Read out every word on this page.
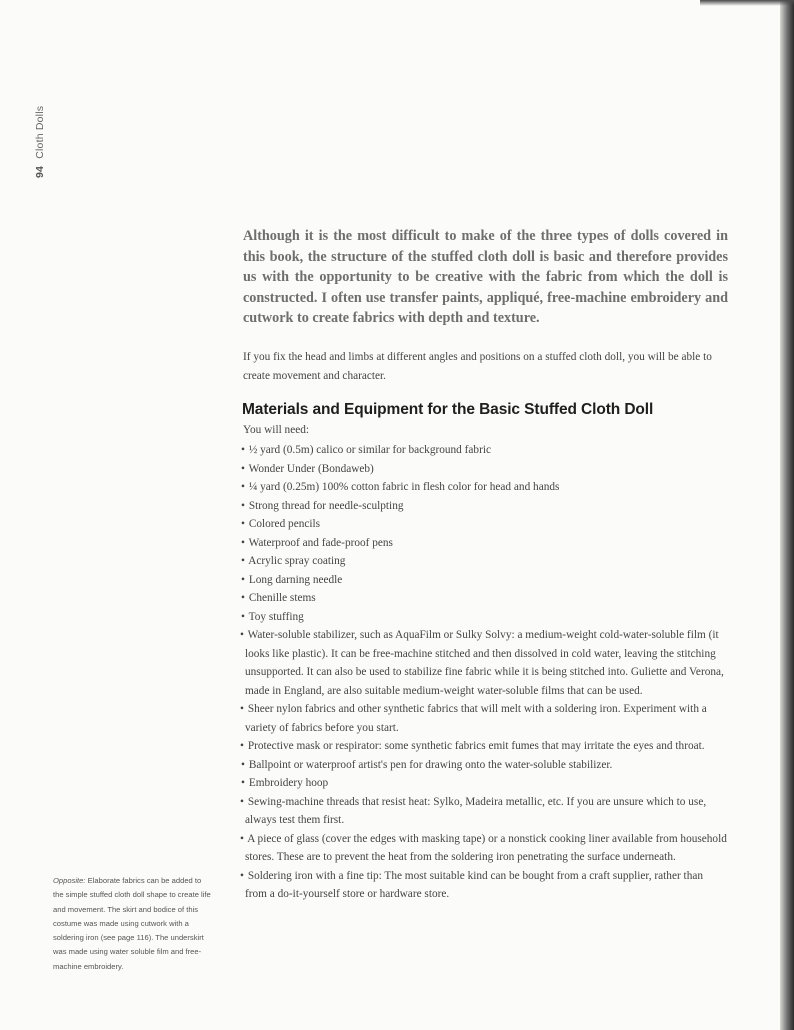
94 Cloth Dolls

Although it is the most difficult to make of the three types of dolls covered in this book, the structure of the stuffed cloth doll is basic and therefore provides us with the opportunity to be creative with the fabric from which the doll is constructed. I often use transfer paints, appliqué, free-machine embroidery and cutwork to create fabrics with depth and texture.

If you fix the head and limbs at different angles and positions on a stuffed cloth doll, you will be able to create movement and character.

Materials and Equipment for the Basic Stuffed Cloth Doll

You will need:

• ½ yard (0.5m) calico or similar for background fabric
• Wonder Under (Bondaweb)
• ¼ yard (0.25m) 100% cotton fabric in flesh color for head and hands
• Strong thread for needle-sculpting
• Colored pencils
• Waterproof and fade-proof pens
• Acrylic spray coating
• Long darning needle
• Chenille stems
• Toy stuffing
• Water-soluble stabilizer, such as AquaFilm or Sulky Solvy: a medium-weight cold-water-soluble film (it looks like plastic). It can be free-machine stitched and then dissolved in cold water, leaving the stitching unsupported. It can also be used to stabilize fine fabric while it is being stitched into. Guliette and Verona, made in England, are also suitable medium-weight water-soluble films that can be used.
• Sheer nylon fabrics and other synthetic fabrics that will melt with a soldering iron. Experiment with a variety of fabrics before you start.
• Protective mask or respirator: some synthetic fabrics emit fumes that may irritate the eyes and throat.
• Ballpoint or waterproof artist's pen for drawing onto the water-soluble stabilizer.
• Embroidery hoop
• Sewing-machine threads that resist heat: Sylko, Madeira metallic, etc. If you are unsure which to use, always test them first.
• A piece of glass (cover the edges with masking tape) or a nonstick cooking liner available from household stores. These are to prevent the heat from the soldering iron penetrating the surface underneath.
• Soldering iron with a fine tip: The most suitable kind can be bought from a craft supplier, rather than from a do-it-yourself store or hardware store.

Opposite: Elaborate fabrics can be added to the simple stuffed cloth doll shape to create life and movement. The skirt and bodice of this costume was made using cutwork with a soldering iron (see page 116). The underskirt was made using water soluble film and free-machine embroidery.
